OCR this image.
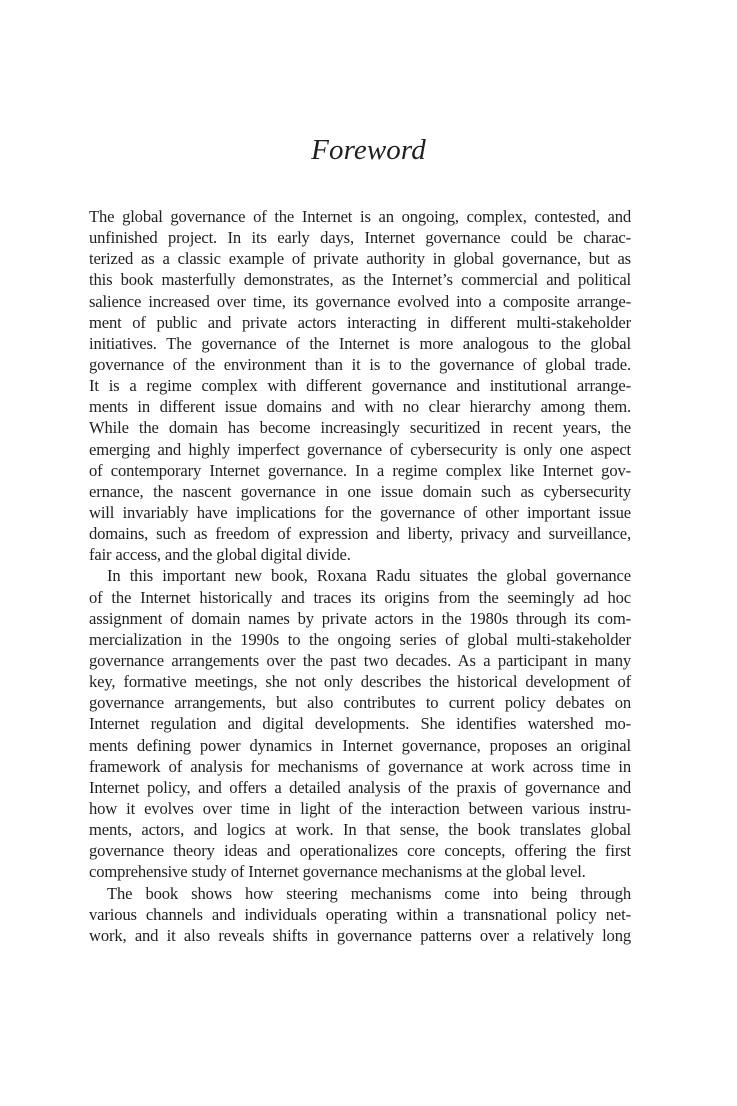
Foreword
The global governance of the Internet is an ongoing, complex, contested, and
unfinished project. In its early days, Internet governance could be charac-
terized as a classic example of private authority in global governance, but as
this book masterfully demonstrates, as the Internet’s commercial and political
salience increased over time, its governance evolved into a composite arrange-
ment of public and private actors interacting in different multi-stakeholder
initiatives. The governance of the Internet is more analogous to the global
governance of the environment than it is to the governance of global trade.
It is a regime complex with different governance and institutional arrange-
ments in different issue domains and with no clear hierarchy among them.
While the domain has become increasingly securitized in recent years, the
emerging and highly imperfect governance of cybersecurity is only one aspect
of contemporary Internet governance. In a regime complex like Internet gov-
ernance, the nascent governance in one issue domain such as cybersecurity
will invariably have implications for the governance of other important issue
domains, such as freedom of expression and liberty, privacy and surveillance,
fair access, and the global digital divide.
In this important new book, Roxana Radu situates the global governance
of the Internet historically and traces its origins from the seemingly ad hoc
assignment of domain names by private actors in the 1980s through its com-
mercialization in the 1990s to the ongoing series of global multi-stakeholder
governance arrangements over the past two decades. As a participant in many
key, formative meetings, she not only describes the historical development of
governance arrangements, but also contributes to current policy debates on
Internet regulation and digital developments. She identifies watershed mo-
ments defining power dynamics in Internet governance, proposes an original
framework of analysis for mechanisms of governance at work across time in
Internet policy, and offers a detailed analysis of the praxis of governance and
how it evolves over time in light of the interaction between various instru-
ments, actors, and logics at work. In that sense, the book translates global
governance theory ideas and operationalizes core concepts, offering the first
comprehensive study of Internet governance mechanisms at the global level.
The book shows how steering mechanisms come into being through
various channels and individuals operating within a transnational policy net-
work, and it also reveals shifts in governance patterns over a relatively long
